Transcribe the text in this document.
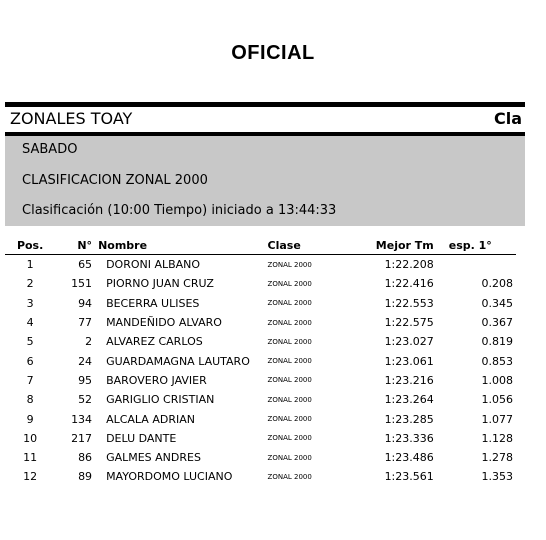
OFICIAL
ZONALES TOAY	Cla
SABADO
CLASIFICACION ZONAL 2000
Clasificación (10:00 Tiempo) iniciado a 13:44:33
Pos.	N°	Nombre	Clase	Mejor Tm	esp. 1°
1	65	DORONI ALBANO	ZONAL 2000	1:22.208	
2	151	PIORNO JUAN CRUZ	ZONAL 2000	1:22.416	0.208
3	94	BECERRA ULISES	ZONAL 2000	1:22.553	0.345
4	77	MANDEÑIDO ALVARO	ZONAL 2000	1:22.575	0.367
5	2	ALVAREZ CARLOS	ZONAL 2000	1:23.027	0.819
6	24	GUARDAMAGNA LAUTARO	ZONAL 2000	1:23.061	0.853
7	95	BAROVERO JAVIER	ZONAL 2000	1:23.216	1.008
8	52	GARIGLIO CRISTIAN	ZONAL 2000	1:23.264	1.056
9	134	ALCALA ADRIAN	ZONAL 2000	1:23.285	1.077
10	217	DELU DANTE	ZONAL 2000	1:23.336	1.128
11	86	GALMES ANDRES	ZONAL 2000	1:23.486	1.278
12	89	MAYORDOMO LUCIANO	ZONAL 2000	1:23.561	1.353
